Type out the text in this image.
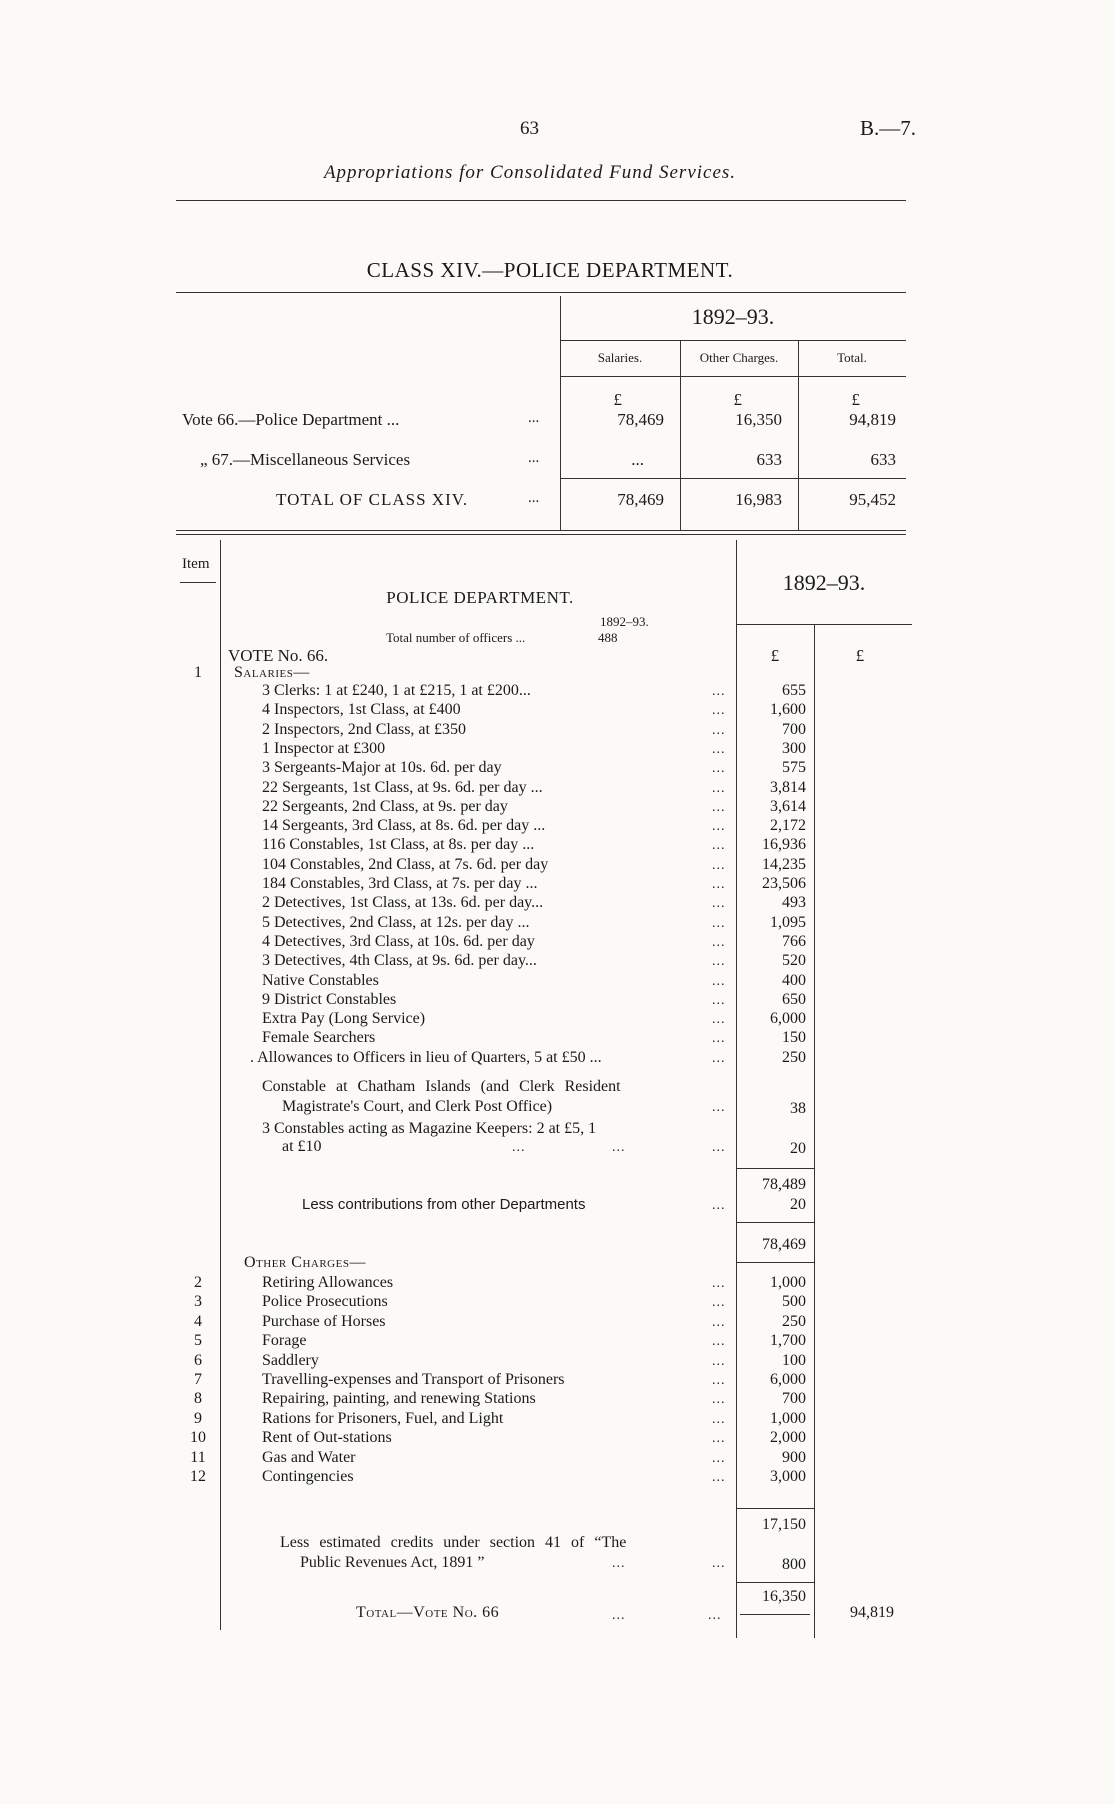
63	B.—7.
Appropriations for Consolidated Fund Services.
CLASS XIV.—POLICE DEPARTMENT.
1892–93.
Salaries.	Other Charges.	Total.
£	£	£
Vote 66.—Police Department ...	...	78,469	16,350	94,819
„ 67.—Miscellaneous Services	...	...	633	633
TOTAL OF CLASS XIV.	...	78,469	16,983	95,452
Item
1892–93.
POLICE DEPARTMENT.
1892–93.
Total number of officers ...	488
VOTE No. 66.	£	£
1	Salaries—
3 Clerks: 1 at £240, 1 at £215, 1 at £200...	...	655
4 Inspectors, 1st Class, at £400	...	1,600
2 Inspectors, 2nd Class, at £350	...	700
1 Inspector at £300	...	300
3 Sergeants-Major at 10s. 6d. per day	...	575
22 Sergeants, 1st Class, at 9s. 6d. per day ...	...	3,814
22 Sergeants, 2nd Class, at 9s. per day	...	3,614
14 Sergeants, 3rd Class, at 8s. 6d. per day ...	...	2,172
116 Constables, 1st Class, at 8s. per day ...	...	16,936
104 Constables, 2nd Class, at 7s. 6d. per day	...	14,235
184 Constables, 3rd Class, at 7s. per day ...	...	23,506
2 Detectives, 1st Class, at 13s. 6d. per day...	...	493
5 Detectives, 2nd Class, at 12s. per day ...	...	1,095
4 Detectives, 3rd Class, at 10s. 6d. per day	...	766
3 Detectives, 4th Class, at 9s. 6d. per day...	...	520
Native Constables	...	400
9 District Constables	...	650
Extra Pay (Long Service)	...	6,000
Female Searchers	...	150
. Allowances to Officers in lieu of Quarters, 5 at £50 ...	...	250
Constable at Chatham Islands (and Clerk Resident
Magistrate's Court, and Clerk Post Office)	...	38
3 Constables acting as Magazine Keepers: 2 at £5, 1
at £10	...	...	...	20
78,489
Less contributions from other Departments	...	20
78,469
Other Charges—
2	Retiring Allowances	...	1,000
3	Police Prosecutions	...	500
4	Purchase of Horses	...	250
5	Forage	...	1,700
6	Saddlery	...	100
7	Travelling-expenses and Transport of Prisoners	...	6,000
8	Repairing, painting, and renewing Stations	...	700
9	Rations for Prisoners, Fuel, and Light	...	1,000
10	Rent of Out-stations	...	2,000
11	Gas and Water	...	900
12	Contingencies	...	3,000
17,150
Less estimated credits under section 41 of “The
Public Revenues Act, 1891 ”	...	...	800
16,350
Total—Vote No. 66	...	...	94,819
